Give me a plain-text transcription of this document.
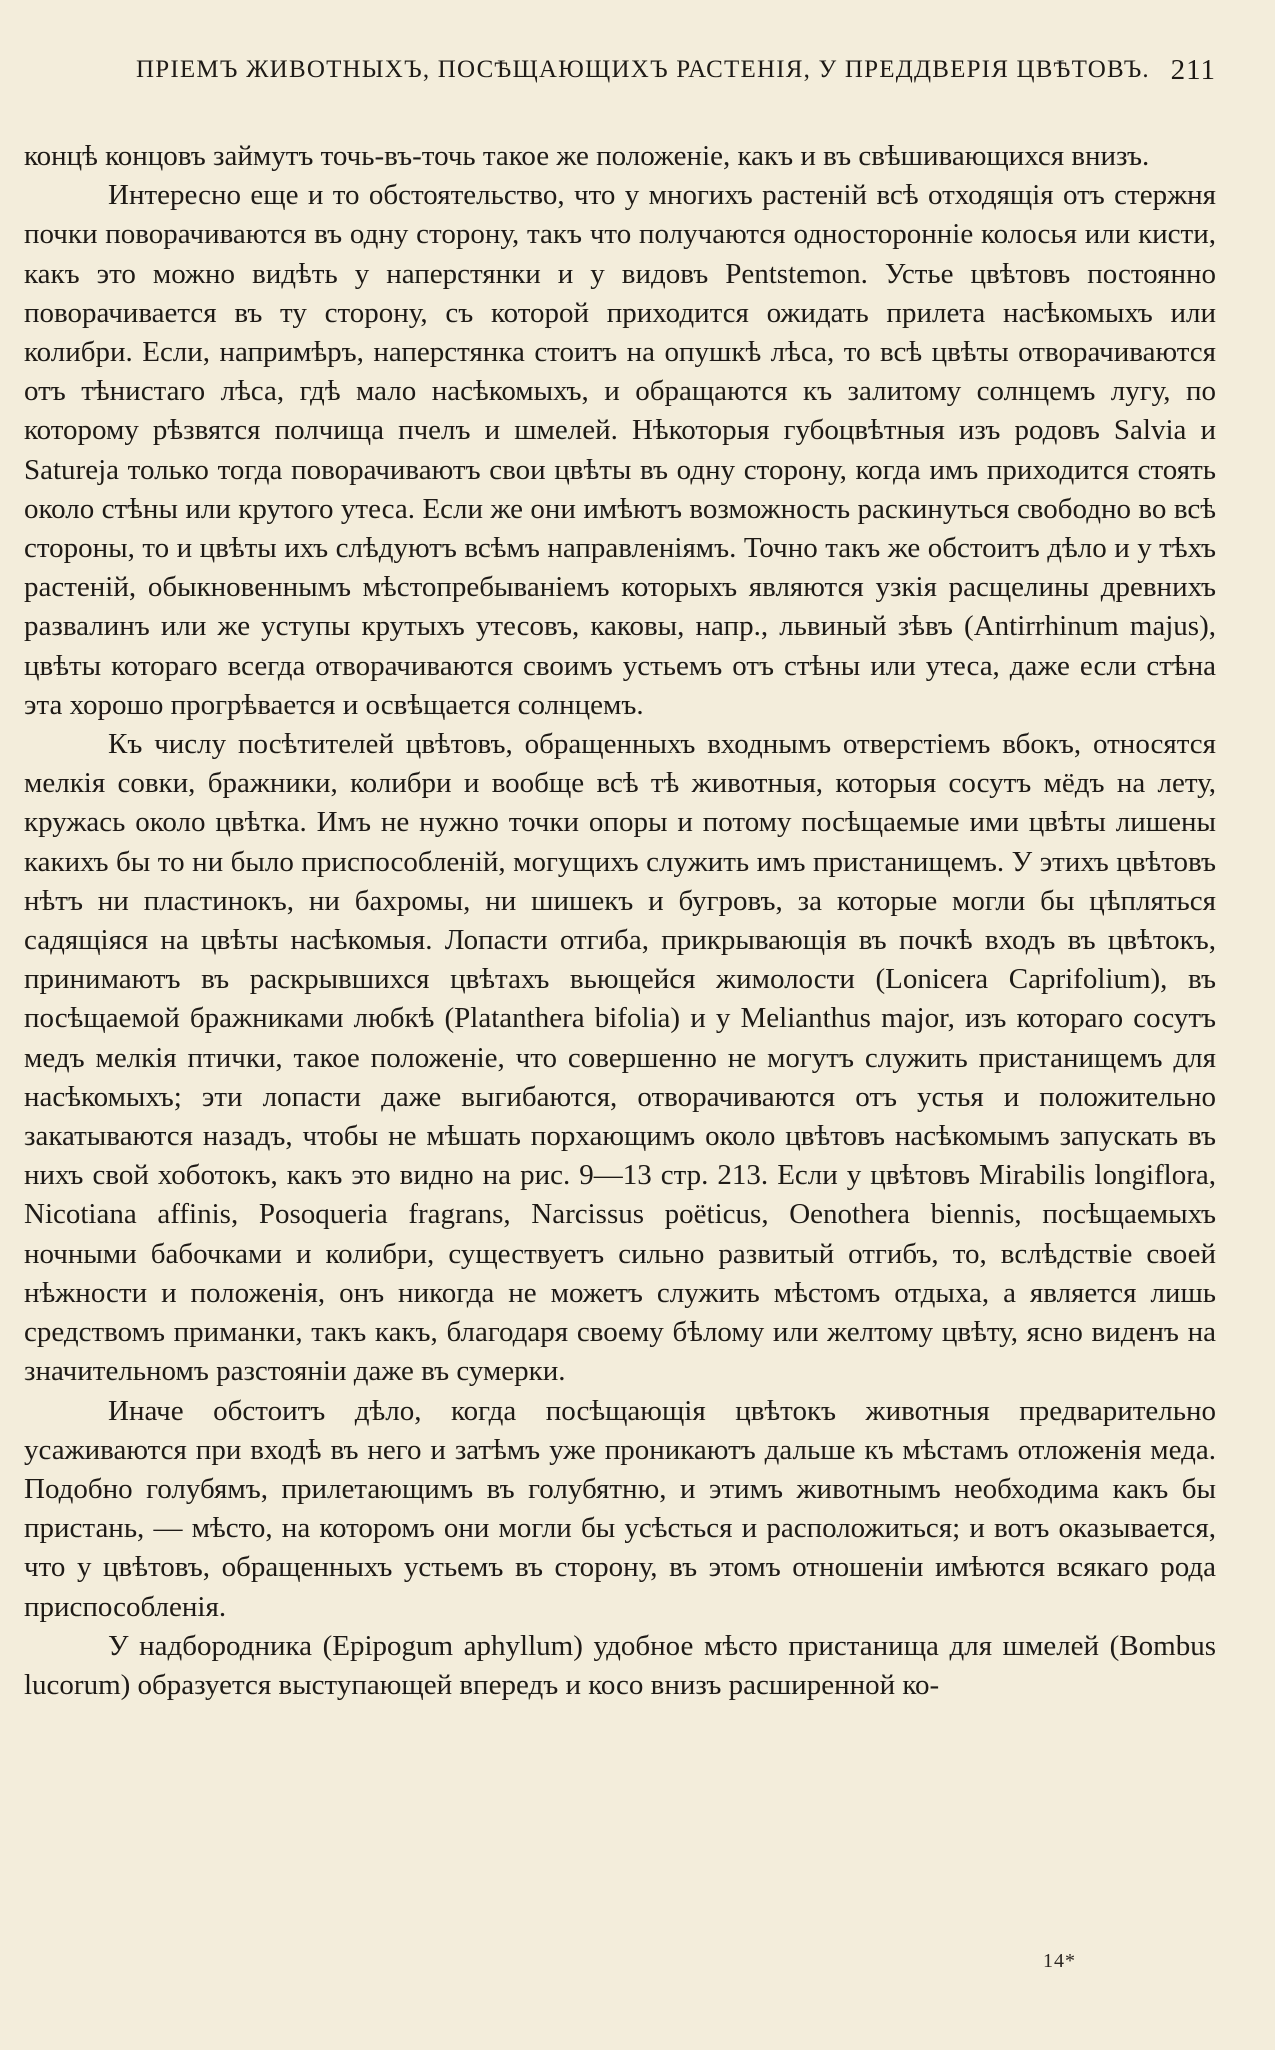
ПРІЕМЪ ЖИВОТНЫХЪ, ПОСѢЩАЮЩИХЪ РАСТЕНІЯ, У ПРЕДДВЕРІЯ ЦВѢТОВЪ. 211

концѣ концовъ займутъ точь-въ-точь такое же положеніе, какъ и въ свѣшивающихся внизъ.

Интересно еще и то обстоятельство, что у многихъ растеній всѣ отходящія отъ стержня почки поворачиваются въ одну сторону, такъ что получаются односторонніе колосья или кисти, какъ это можно видѣть у наперстянки и у видовъ Pentstemon. Устье цвѣтовъ постоянно поворачивается въ ту сторону, съ которой приходится ожидать прилета насѣкомыхъ или колибри. Если, напримѣръ, наперстянка стоитъ на опушкѣ лѣса, то всѣ цвѣты отворачиваются отъ тѣнистаго лѣса, гдѣ мало насѣкомыхъ, и обращаются къ залитому солнцемъ лугу, по которому рѣзвятся полчища пчелъ и шмелей. Нѣкоторыя губоцвѣтныя изъ родовъ Salvia и Satureja только тогда поворачиваютъ свои цвѣты въ одну сторону, когда имъ приходится стоять около стѣны или крутого утеса. Если же они имѣютъ возможность раскинуться свободно во всѣ стороны, то и цвѣты ихъ слѣдуютъ всѣмъ направленіямъ. Точно такъ же обстоитъ дѣло и у тѣхъ растеній, обыкновеннымъ мѣстопребываніемъ которыхъ являются узкія расщелины древнихъ развалинъ или же уступы крутыхъ утесовъ, каковы, напр., львиный зѣвъ (Antirrhinum majus), цвѣты котораго всегда отворачиваются своимъ устьемъ отъ стѣны или утеса, даже если стѣна эта хорошо прогрѣвается и освѣщается солнцемъ.

Къ числу посѣтителей цвѣтовъ, обращенныхъ входнымъ отверстіемъ вбокъ, относятся мелкія совки, бражники, колибри и вообще всѣ тѣ животныя, которыя сосутъ мёдъ на лету, кружась около цвѣтка. Имъ не нужно точки опоры и потому посѣщаемые ими цвѣты лишены какихъ бы то ни было приспособленій, могущихъ служить имъ пристанищемъ. У этихъ цвѣтовъ нѣтъ ни пластинокъ, ни бахромы, ни шишекъ и бугровъ, за которые могли бы цѣпляться садящіяся на цвѣты насѣкомыя. Лопасти отгиба, прикрывающія въ почкѣ входъ въ цвѣтокъ, принимаютъ въ раскрывшихся цвѣтахъ вьющейся жимолости (Lonicera Caprifolium), въ посѣщаемой бражниками любкѣ (Platanthera bifolia) и у Melianthus major, изъ котораго сосутъ медъ мелкія птички, такое положеніе, что совершенно не могутъ служить пристанищемъ для насѣкомыхъ; эти лопасти даже выгибаются, отворачиваются отъ устья и положительно закатываются назадъ, чтобы не мѣшать порхающимъ около цвѣтовъ насѣкомымъ запускать въ нихъ свой хоботокъ, какъ это видно на рис. 9—13 стр. 213. Если у цвѣтовъ Mirabilis longiflora, Nicotiana affinis, Posoqueria fragrans, Narcissus poëticus, Oenothera biennis, посѣщаемыхъ ночными бабочками и колибри, существуетъ сильно развитый отгибъ, то, вслѣдствіе своей нѣжности и положенія, онъ никогда не можетъ служить мѣстомъ отдыха, а является лишь средствомъ приманки, такъ какъ, благодаря своему бѣлому или желтому цвѣту, ясно виденъ на значительномъ разстояніи даже въ сумерки.

Иначе обстоитъ дѣло, когда посѣщающія цвѣтокъ животныя предварительно усаживаются при входѣ въ него и затѣмъ уже проникаютъ дальше къ мѣстамъ отложенія меда. Подобно голубямъ, прилетающимъ въ голубятню, и этимъ животнымъ необходима какъ бы пристань, — мѣсто, на которомъ они могли бы усѣсться и расположиться; и вотъ оказывается, что у цвѣтовъ, обращенныхъ устьемъ въ сторону, въ этомъ отношеніи имѣются всякаго рода приспособленія.

У надбородника (Epipogum aphyllum) удобное мѣсто пристанища для шмелей (Bombus lucorum) образуется выступающей впередъ и косо внизъ расширенной ко-

14*
